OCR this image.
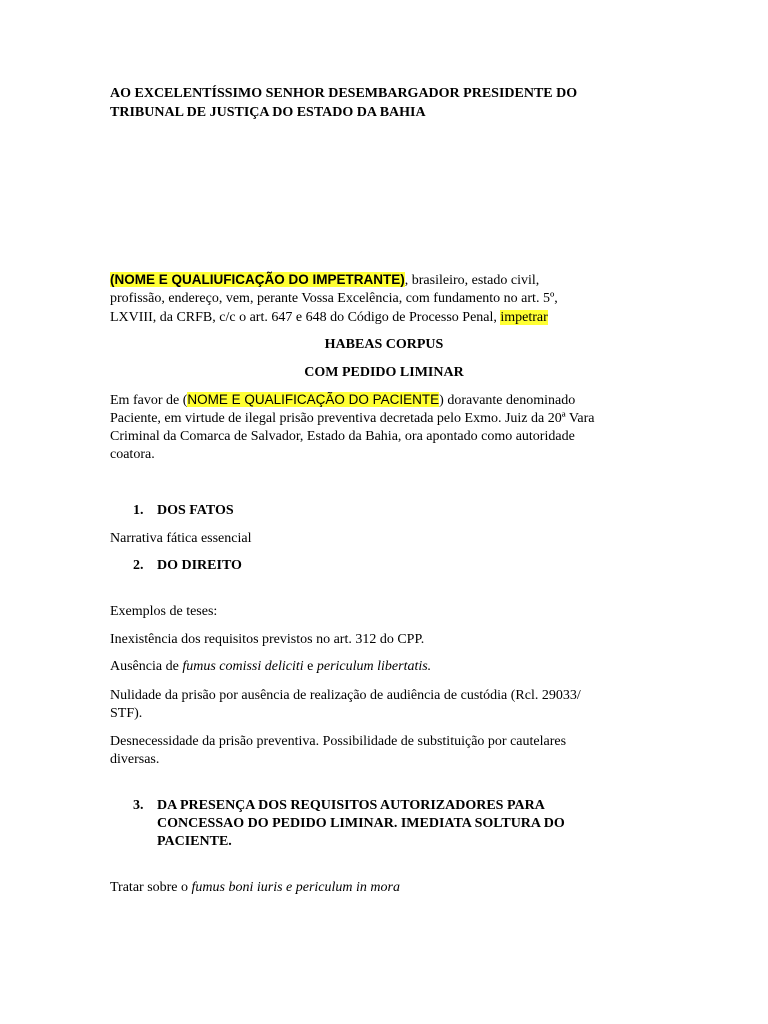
AO EXCELENTÍSSIMO SENHOR DESEMBARGADOR PRESIDENTE DO
TRIBUNAL DE JUSTIÇA DO ESTADO DA BAHIA
(NOME E QUALIUFICAÇÃO DO IMPETRANTE), brasileiro, estado civil,
profissão, endereço, vem, perante Vossa Excelência, com fundamento no art. 5º,
LXVIII, da CRFB, c/c o art. 647 e 648 do Código de Processo Penal, impetrar
HABEAS CORPUS
COM PEDIDO LIMINAR
Em favor de (NOME E QUALIFICAÇÃO DO PACIENTE) doravante denominado
Paciente, em virtude de ilegal prisão preventiva decretada pelo Exmo. Juiz da 20ª Vara
Criminal da Comarca de Salvador, Estado da Bahia, ora apontado como autoridade
coatora.
1. DOS FATOS
Narrativa fática essencial
2. DO DIREITO
Exemplos de teses:
Inexistência dos requisitos previstos no art. 312 do CPP.
Ausência de fumus comissi deliciti e periculum libertatis.
Nulidade da prisão por ausência de realização de audiência de custódia (Rcl. 29033/
STF).
Desnecessidade da prisão preventiva. Possibilidade de substituição por cautelares
diversas.
3. DA PRESENÇA DOS REQUISITOS AUTORIZADORES PARA
CONCESSAO DO PEDIDO LIMINAR. IMEDIATA SOLTURA DO
PACIENTE.
Tratar sobre o fumus boni iuris e periculum in mora
